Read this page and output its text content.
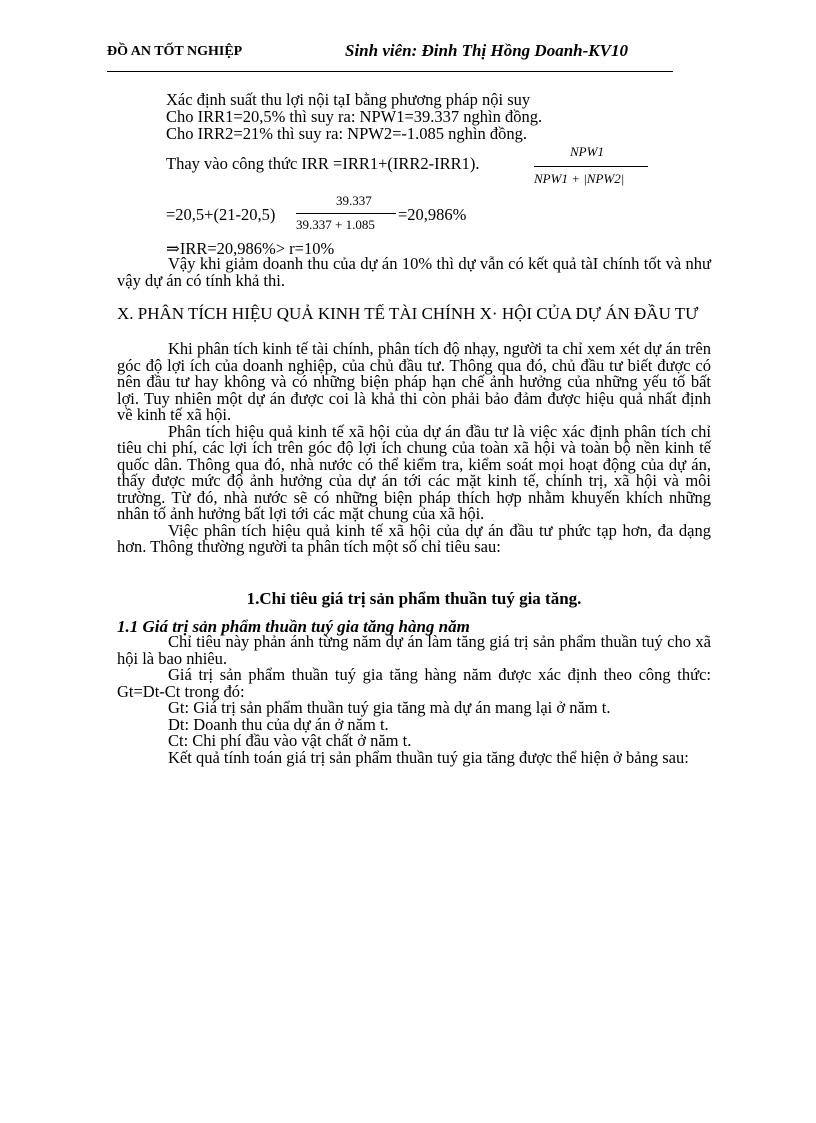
ĐỒ AN TỐT NGHIỆP	Sinh viên: Đinh Thị Hồng Doanh-KV10
Xác định suất thu lợi nội tạI bằng phương pháp nội suy
Cho IRR1=20,5% thì suy ra: NPW1=39.337 nghìn đồng.
Cho IRR2=21% thì suy ra: NPW2=-1.085 nghìn đồng.
Thay vào công thức IRR =IRR1+(IRR2-IRR1).
NPW1
NPW1 + |NPW2|
=20,5+(21-20,5)
39.337
39.337 + 1.085
=20,986%
⇒IRR=20,986%> r=10%

Vậy khi giảm doanh thu của dự án 10% thì dự vẫn có kết quả tàI chính tốt và như vậy dự án có tính khả thi.

X. PHÂN TÍCH HIỆU QUẢ KINH TẾ TÀI CHÍNH X· HỘI CỦA DỰ ÁN ĐẦU TƯ

Khi phân tích kinh tế tài chính, phân tích độ nhạy, người ta chỉ xem xét dự án trên góc độ lợi ích của doanh nghiệp, của chủ đầu tư. Thông qua đó, chủ đầu tư biết được có nên đầu tư hay không và có những biện pháp hạn chế ảnh hưởng của những yếu tố bất lợi. Tuy nhiên một dự án được coi là khả thi còn phải bảo đảm được hiệu quả nhất định về kinh tế xã hội.

Phân tích hiệu quả kinh tế xã hội của dự án đầu tư là việc xác định phân tích chỉ tiêu chi phí, các lợi ích trên góc độ lợi ích chung của toàn xã hội và toàn bộ nền kinh tế quốc dân. Thông qua đó, nhà nước có thể kiểm tra, kiểm soát mọi hoạt động của dự án, thấy được mức độ ảnh hưởng của dự án tới các mặt kinh tế, chính trị, xã hội và môi trường. Từ đó, nhà nước sẽ có những biện pháp thích hợp nhằm khuyến khích những nhân tố ảnh hưởng bất lợi tới các mặt chung của xã hội.

Việc phân tích hiệu quả kinh tế xã hội của dự án đầu tư phức tạp hơn, đa dạng hơn. Thông thường người ta phân tích một số chỉ tiêu sau:

1.Chỉ tiêu giá trị sản phẩm thuần tuý gia tăng.
1.1 Giá trị sản phẩm thuần tuý gia tăng hàng năm

Chỉ tiêu này phản ánh từng năm dự án làm tăng giá trị sản phẩm thuần tuý cho xã hội là bao nhiêu.

Giá trị sản phẩm thuần tuý gia tăng hàng năm được xác định theo công thức: Gt=Dt-Ct trong đó:

Gt: Giá trị sản phẩm thuần tuý gia tăng mà dự án mang lại ở năm t.

Dt: Doanh thu của dự án ở năm t.

Ct: Chi phí đầu vào vật chất ở năm t.

Kết quả tính toán giá trị sản phẩm thuần tuý gia tăng được thể hiện ở bảng sau:
